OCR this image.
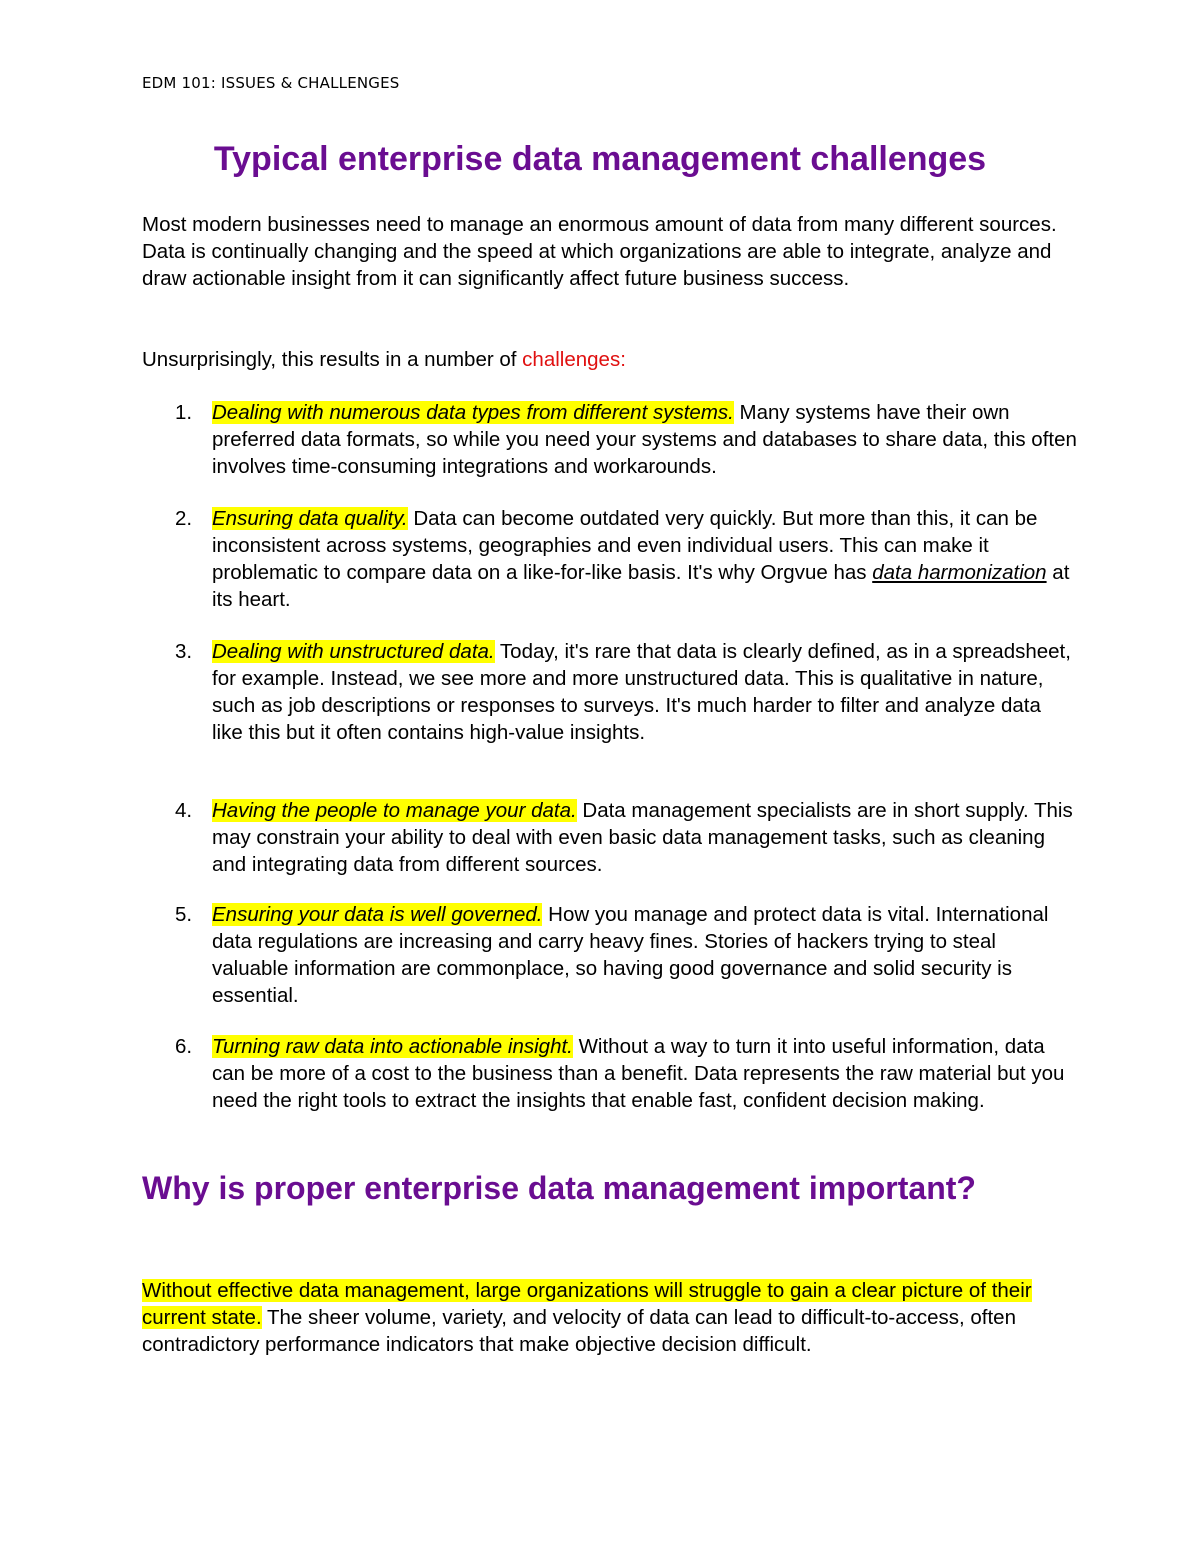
EDM 101: ISSUES & CHALLENGES
Typical enterprise data management challenges
Most modern businesses need to manage an enormous amount of data from many different sources. Data is continually changing and the speed at which organizations are able to integrate, analyze and draw actionable insight from it can significantly affect future business success.
Unsurprisingly, this results in a number of challenges:
1. Dealing with numerous data types from different systems. Many systems have their own preferred data formats, so while you need your systems and databases to share data, this often involves time-consuming integrations and workarounds.
2. Ensuring data quality. Data can become outdated very quickly. But more than this, it can be inconsistent across systems, geographies and even individual users. This can make it problematic to compare data on a like-for-like basis. It's why Orgvue has data harmonization at its heart.
3. Dealing with unstructured data. Today, it's rare that data is clearly defined, as in a spreadsheet, for example. Instead, we see more and more unstructured data. This is qualitative in nature, such as job descriptions or responses to surveys. It's much harder to filter and analyze data like this but it often contains high-value insights.
4. Having the people to manage your data. Data management specialists are in short supply. This may constrain your ability to deal with even basic data management tasks, such as cleaning and integrating data from different sources.
5. Ensuring your data is well governed. How you manage and protect data is vital. International data regulations are increasing and carry heavy fines. Stories of hackers trying to steal valuable information are commonplace, so having good governance and solid security is essential.
6. Turning raw data into actionable insight. Without a way to turn it into useful information, data can be more of a cost to the business than a benefit. Data represents the raw material but you need the right tools to extract the insights that enable fast, confident decision making.
Why is proper enterprise data management important?
Without effective data management, large organizations will struggle to gain a clear picture of their current state. The sheer volume, variety, and velocity of data can lead to difficult-to-access, often contradictory performance indicators that make objective decision difficult.
